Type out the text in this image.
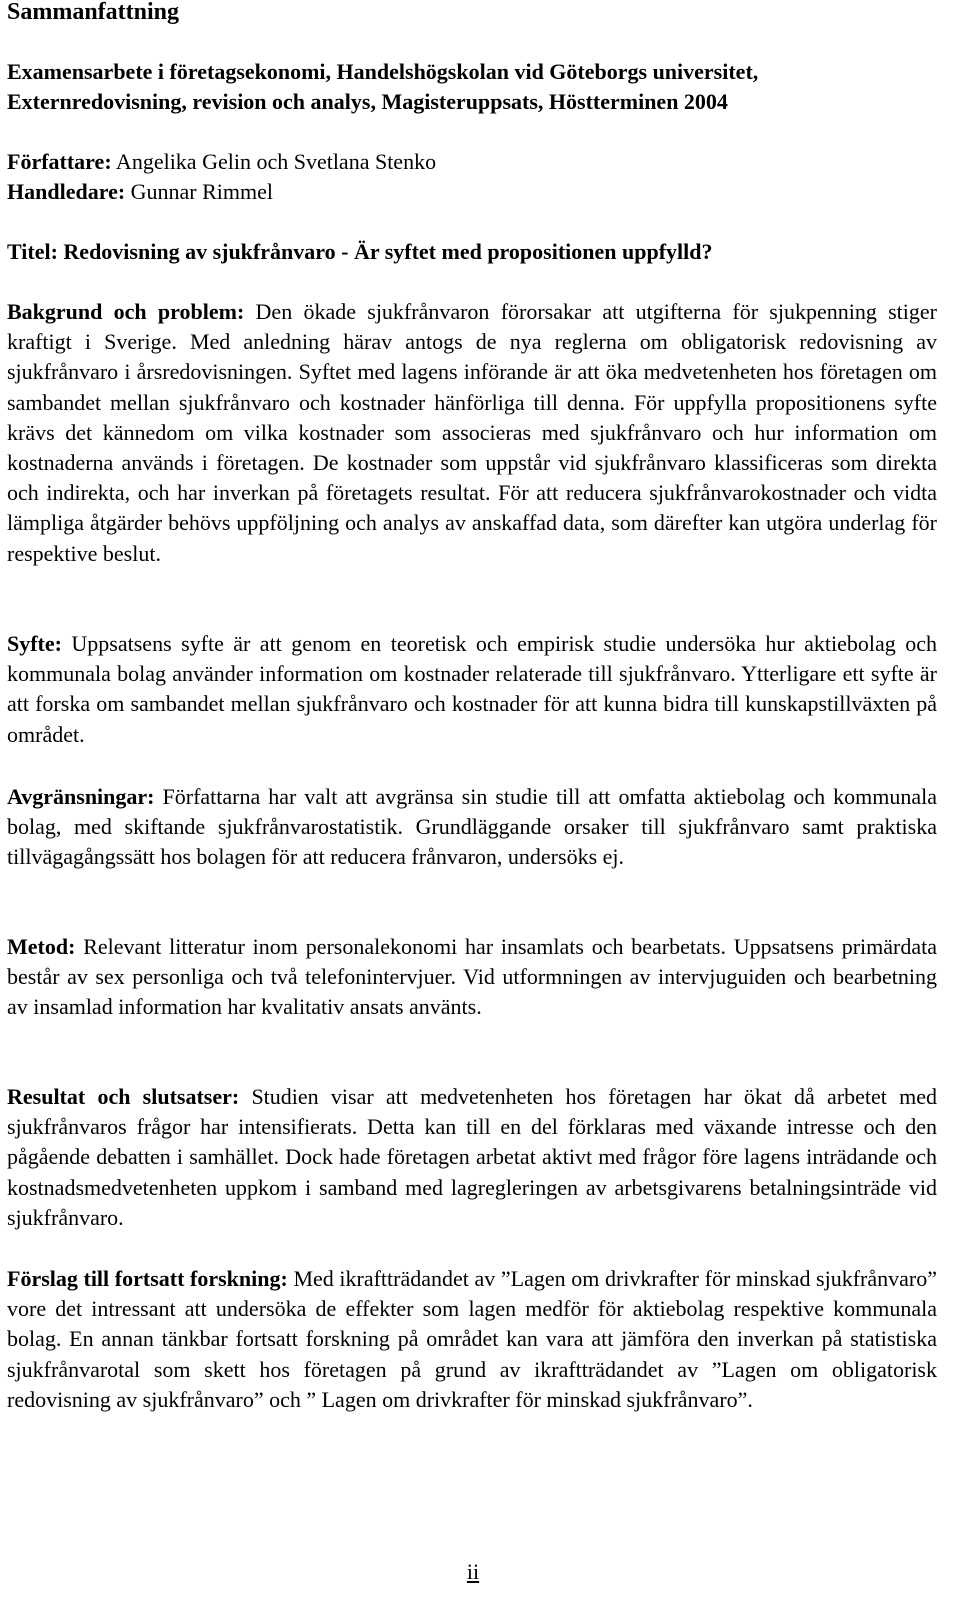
Sammanfattning

Examensarbete i företagsekonomi, Handelshögskolan vid Göteborgs universitet,

Externredovisning, revision och analys, Magisteruppsats, Höstterminen 2004

Författare: Angelika Gelin och Svetlana Stenko

Handledare: Gunnar Rimmel

Titel: Redovisning av sjukfrånvaro - Är syftet med propositionen uppfylld?

Bakgrund och problem: Den ökade sjukfrånvaron förorsakar att utgifterna för sjukpenning stiger kraftigt i Sverige. Med anledning härav antogs de nya reglerna om obligatorisk redovisning av sjukfrånvaro i årsredovisningen. Syftet med lagens införande är att öka medvetenheten hos företagen om sambandet mellan sjukfrånvaro och kostnader hänförliga till denna. För uppfylla propositionens syfte krävs det kännedom om vilka kostnader som associeras med sjukfrånvaro och hur information om kostnaderna används i företagen. De kostnader som uppstår vid sjukfrånvaro klassificeras som direkta och indirekta, och har inverkan på företagets resultat. För att reducera sjukfrånvarokostnader och vidta lämpliga åtgärder behövs uppföljning och analys av anskaffad data, som därefter kan utgöra underlag för respektive beslut.

Syfte: Uppsatsens syfte är att genom en teoretisk och empirisk studie undersöka hur aktiebolag och kommunala bolag använder information om kostnader relaterade till sjukfrånvaro. Ytterligare ett syfte är att forska om sambandet mellan sjukfrånvaro och kostnader för att kunna bidra till kunskapstillväxten på området.

Avgränsningar: Författarna har valt att avgränsa sin studie till att omfatta aktiebolag och kommunala bolag, med skiftande sjukfrånvarostatistik. Grundläggande orsaker till sjukfrånvaro samt praktiska tillvägagångssätt hos bolagen för att reducera frånvaron, undersöks ej.

Metod: Relevant litteratur inom personalekonomi har insamlats och bearbetats. Uppsatsens primärdata består av sex personliga och två telefonintervjuer. Vid utformningen av intervjuguiden och bearbetning av insamlad information har kvalitativ ansats använts.

Resultat och slutsatser: Studien visar att medvetenheten hos företagen har ökat då arbetet med sjukfrånvaros frågor har intensifierats. Detta kan till en del förklaras med växande intresse och den pågående debatten i samhället. Dock hade företagen arbetat aktivt med frågor före lagens inträdande och kostnadsmedvetenheten uppkom i samband med lagregleringen av arbetsgivarens betalningsinträde vid sjukfrånvaro.

Förslag till fortsatt forskning: Med ikraftträdandet av ”Lagen om drivkrafter för minskad sjukfrånvaro” vore det intressant att undersöka de effekter som lagen medför för aktiebolag respektive kommunala bolag. En annan tänkbar fortsatt forskning på området kan vara att jämföra den inverkan på statistiska sjukfrånvarotal som skett hos företagen på grund av ikraftträdandet av ”Lagen om obligatorisk redovisning av sjukfrånvaro” och ” Lagen om drivkrafter för minskad sjukfrånvaro”.

ii
